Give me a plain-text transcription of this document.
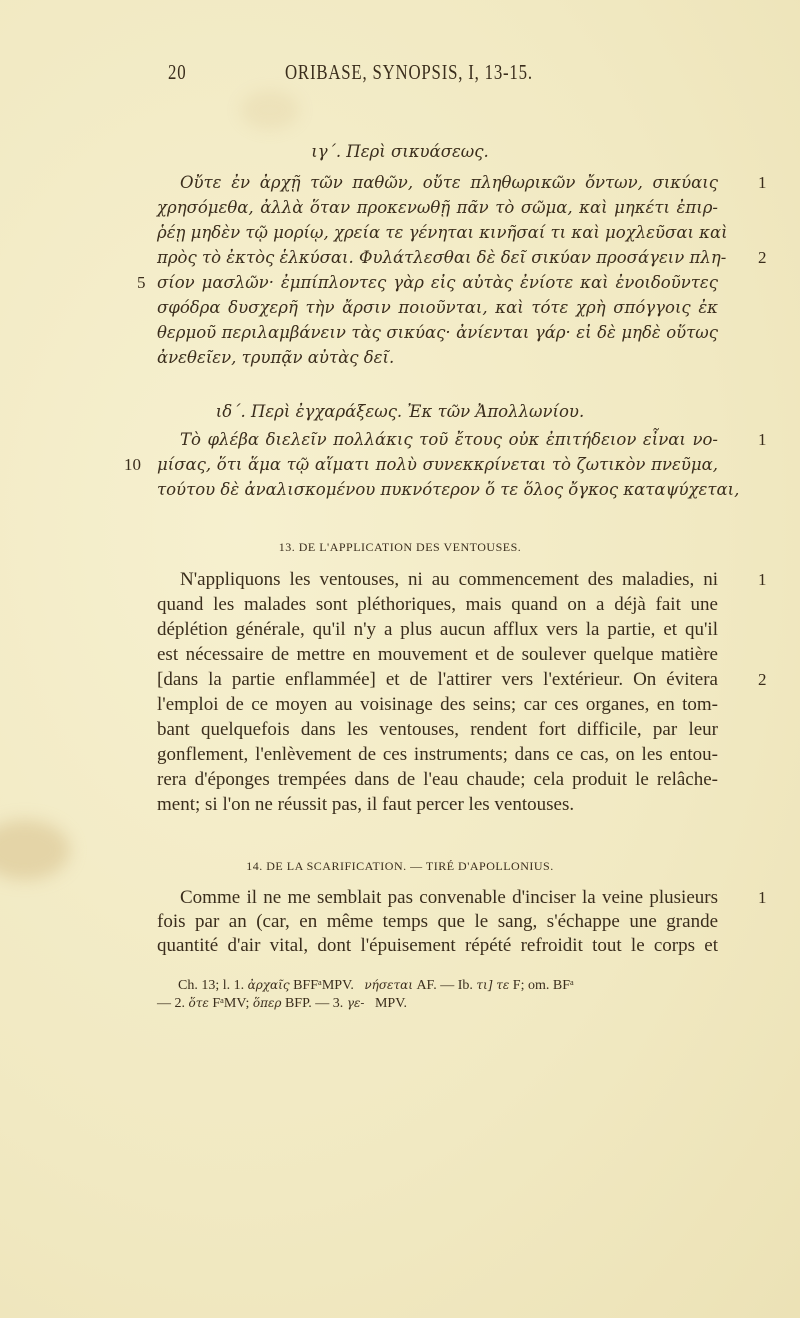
20	ORIBASE, SYNOPSIS, I, 13-15.
ιγ΄. Περὶ σικυάσεως.
Οὔτε ἐν ἀρχῇ τῶν παθῶν, οὔτε πληθωρικῶν ὄντων, σικύαις
χρησόμεθα, ἀλλὰ ὅταν προκενωθῇ πᾶν τὸ σῶμα, καὶ μηκέτι ἐπιρ-
ῥέῃ μηδὲν τῷ μορίῳ, χρεία τε γένηται κινῆσαί τι καὶ μοχλεῦσαι καὶ
πρὸς τὸ ἐκτὸς ἑλκύσαι. Φυλάτλεσθαι δὲ δεῖ σικύαν προσάγειν πλη-
σίον μασλῶν· ἐμπίπλοντες γὰρ εἰς αὐτὰς ἐνίοτε καὶ ἐνοιδοῦντες
σφόδρα δυσχερῆ τὴν ἄρσιν ποιοῦνται, καὶ τότε χρὴ σπόγγοις ἐκ
θερμοῦ περιλαμβάνειν τὰς σικύας· ἀνίενται γάρ· εἰ δὲ μηδὲ οὕτως
ἀνεθεῖεν, τρυπᾷν αὐτὰς δεῖ.
5
1
2
ιδ΄. Περὶ ἐγχαράξεως. Ἐκ τῶν Ἀπολλωνίου.
Τὸ φλέβα διελεῖν πολλάκις τοῦ ἔτους οὐκ ἐπιτήδειον εἶναι νο-
μίσας, ὅτι ἅμα τῷ αἵματι πολὺ συνεκκρίνεται τὸ ζωτικὸν πνεῦμα,
τούτου δὲ ἀναλισκομένου πυκνότερον ὅ τε ὅλος ὄγκος καταψύχεται,
10
1
13. DE L'APPLICATION DES VENTOUSES.
N'appliquons les ventouses, ni au commencement des maladies, ni
quand les malades sont pléthoriques, mais quand on a déjà fait une
déplétion générale, qu'il n'y a plus aucun afflux vers la partie, et qu'il
est nécessaire de mettre en mouvement et de soulever quelque matière
[dans la partie enflammée] et de l'attirer vers l'extérieur. On évitera
l'emploi de ce moyen au voisinage des seins; car ces organes, en tom-
bant quelquefois dans les ventouses, rendent fort difficile, par leur
gonflement, l'enlèvement de ces instruments; dans ce cas, on les entou-
rera d'éponges trempées dans de l'eau chaude; cela produit le relâche-
ment; si l'on ne réussit pas, il faut percer les ventouses.
1
2
14. DE LA SCARIFICATION. — TIRÉ D'APOLLONIUS.
Comme il ne me semblait pas convenable d'inciser la veine plusieurs
fois par an (car, en même temps que le sang, s'échappe une grande
quantité d'air vital, dont l'épuisement répété refroidit tout le corps et
1
Ch. 13; l. 1. ἀρχαῖς BFFᵃMPV. νήσεται AF. — Ib. τι] τε F; om. BFᵃ
— 2. ὅτε FᵃMV; ὅπερ BFP. — 3. γε- MPV.
